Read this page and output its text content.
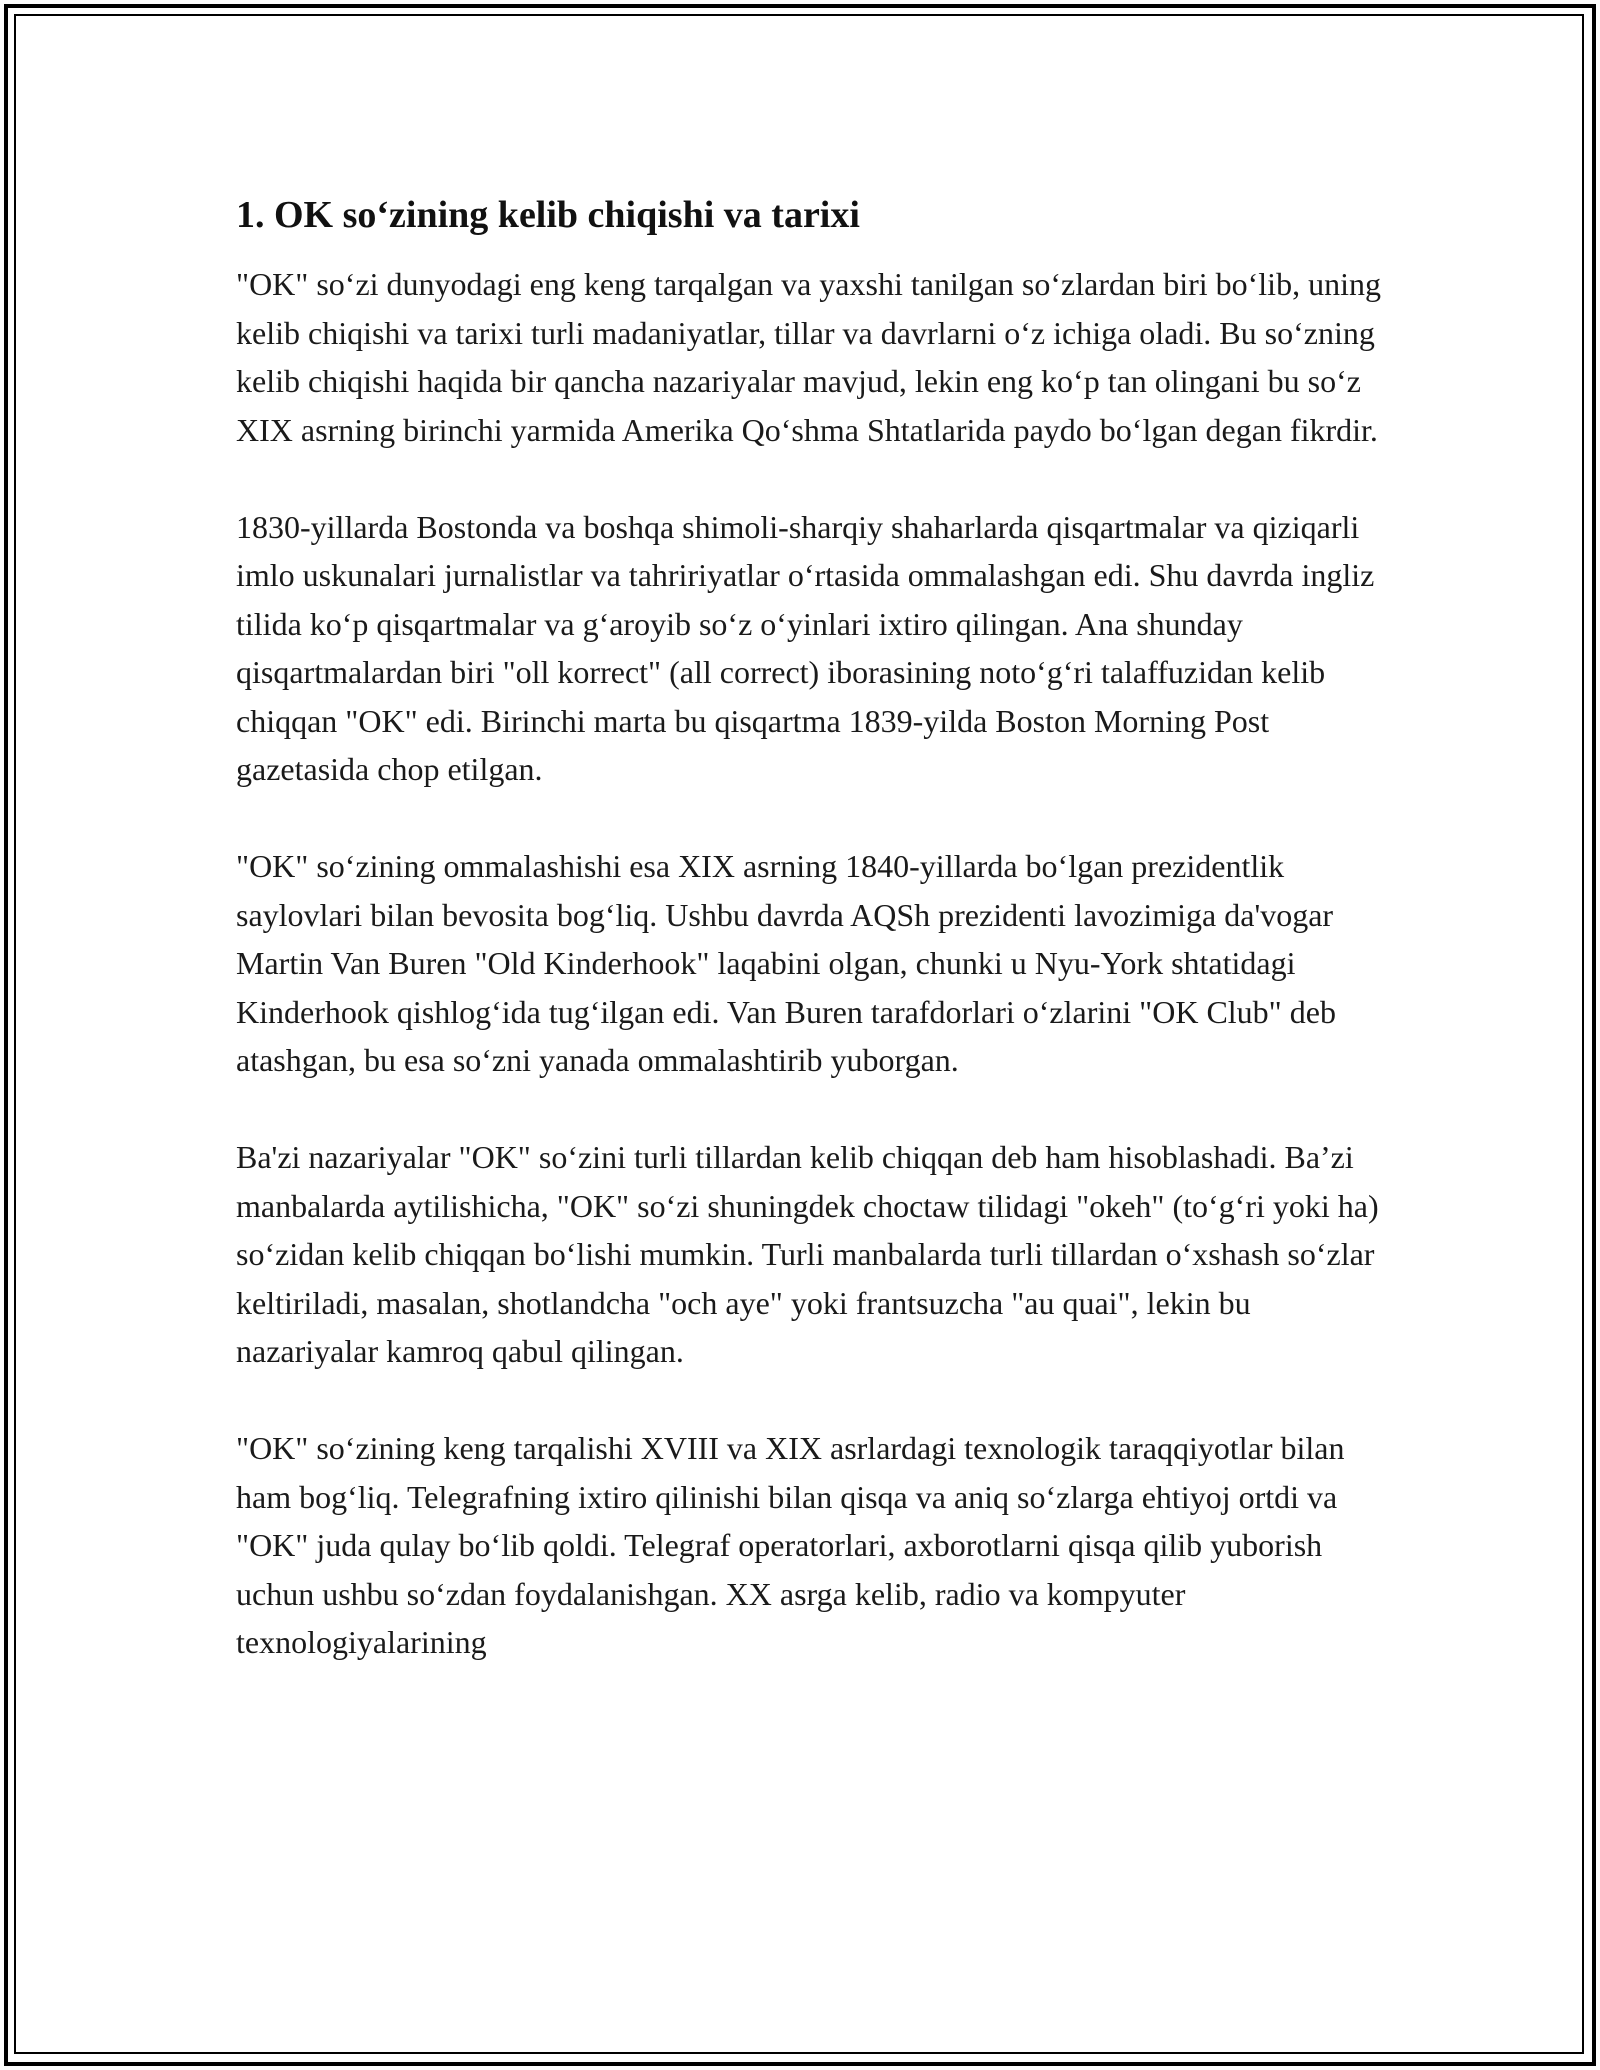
1. OK so‘zining kelib chiqishi va tarixi

"OK" so‘zi dunyodagi eng keng tarqalgan va yaxshi tanilgan so‘zlardan biri bo‘lib, uning kelib chiqishi va tarixi turli madaniyatlar, tillar va davrlarni o‘z ichiga oladi. Bu so‘zning kelib chiqishi haqida bir qancha nazariyalar mavjud, lekin eng ko‘p tan olingani bu so‘z XIX asrning birinchi yarmida Amerika Qo‘shma Shtatlarida paydo bo‘lgan degan fikrdir.

1830-yillarda Bostonda va boshqa shimoli-sharqiy shaharlarda qisqartmalar va qiziqarli imlo uskunalari jurnalistlar va tahririyatlar o‘rtasida ommalashgan edi. Shu davrda ingliz tilida ko‘p qisqartmalar va g‘aroyib so‘z o‘yinlari ixtiro qilingan. Ana shunday qisqartmalardan biri "oll korrect" (all correct) iborasining noto‘g‘ri talaffuzidan kelib chiqqan "OK" edi. Birinchi marta bu qisqartma 1839-yilda Boston Morning Post gazetasida chop etilgan.

"OK" so‘zining ommalashishi esa XIX asrning 1840-yillarda bo‘lgan prezidentlik saylovlari bilan bevosita bog‘liq. Ushbu davrda AQSh prezidenti lavozimiga da'vogar Martin Van Buren "Old Kinderhook" laqabini olgan, chunki u Nyu-York shtatidagi Kinderhook qishlog‘ida tug‘ilgan edi. Van Buren tarafdorlari o‘zlarini "OK Club" deb atashgan, bu esa so‘zni yanada ommalashtirib yuborgan.

Ba'zi nazariyalar "OK" so‘zini turli tillardan kelib chiqqan deb ham hisoblashadi. Ba’zi manbalarda aytilishicha, "OK" so‘zi shuningdek choctaw tilidagi "okeh" (to‘g‘ri yoki ha) so‘zidan kelib chiqqan bo‘lishi mumkin. Turli manbalarda turli tillardan o‘xshash so‘zlar keltiriladi, masalan, shotlandcha "och aye" yoki frantsuzcha "au quai", lekin bu nazariyalar kamroq qabul qilingan.

"OK" so‘zining keng tarqalishi XVIII va XIX asrlardagi texnologik taraqqiyotlar bilan ham bog‘liq. Telegrafning ixtiro qilinishi bilan qisqa va aniq so‘zlarga ehtiyoj ortdi va "OK" juda qulay bo‘lib qoldi. Telegraf operatorlari, axborotlarni qisqa qilib yuborish uchun ushbu so‘zdan foydalanishgan. XX asrga kelib, radio va kompyuter texnologiyalarining
